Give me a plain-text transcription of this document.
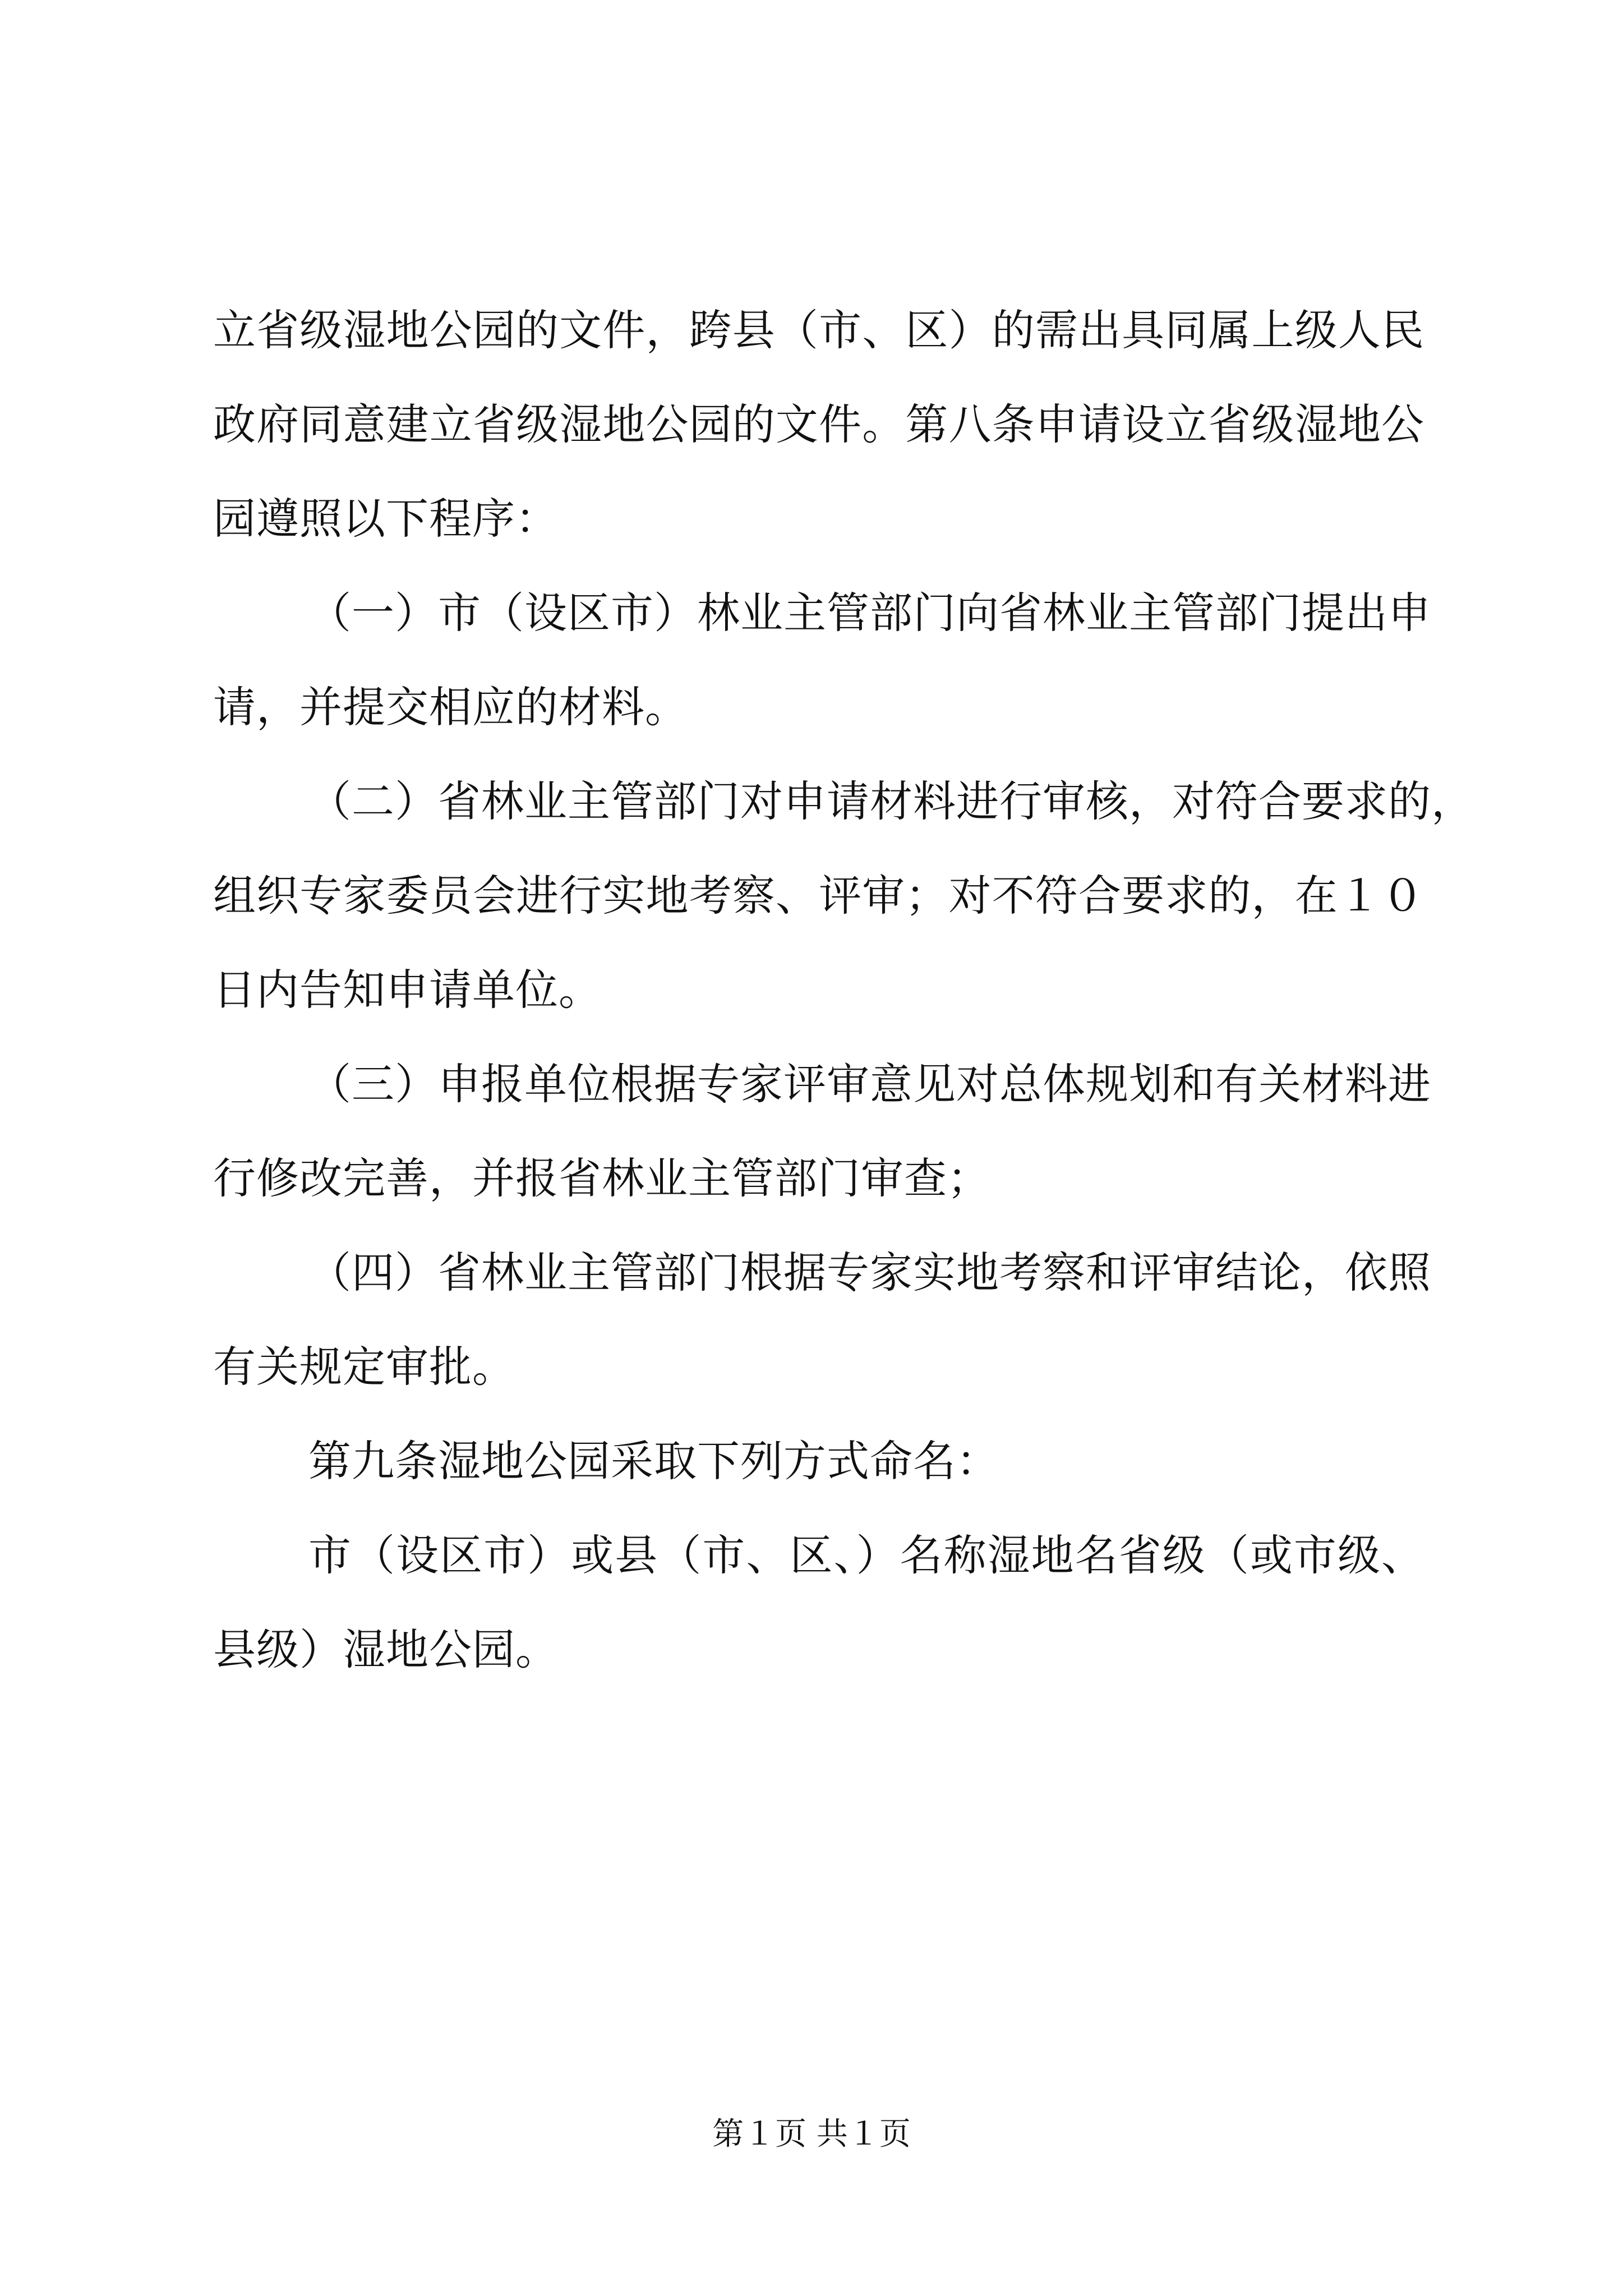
立省级湿地公园的文件，跨县（市、区）的需出具同属上级人民
政府同意建立省级湿地公园的文件。第八条申请设立省级湿地公
园遵照以下程序：
（一）市（设区市）林业主管部门向省林业主管部门提出申
请，并提交相应的材料。
（二）省林业主管部门对申请材料进行审核，对符合要求的，
组织专家委员会进行实地考察、评审；对不符合要求的，在１０
日内告知申请单位。
（三）申报单位根据专家评审意见对总体规划和有关材料进
行修改完善，并报省林业主管部门审查；
（四）省林业主管部门根据专家实地考察和评审结论，依照
有关规定审批。
第九条湿地公园采取下列方式命名：
市（设区市）或县（市、区、）名称湿地名省级（或市级、
县级）湿地公园。
第１页 共１页
